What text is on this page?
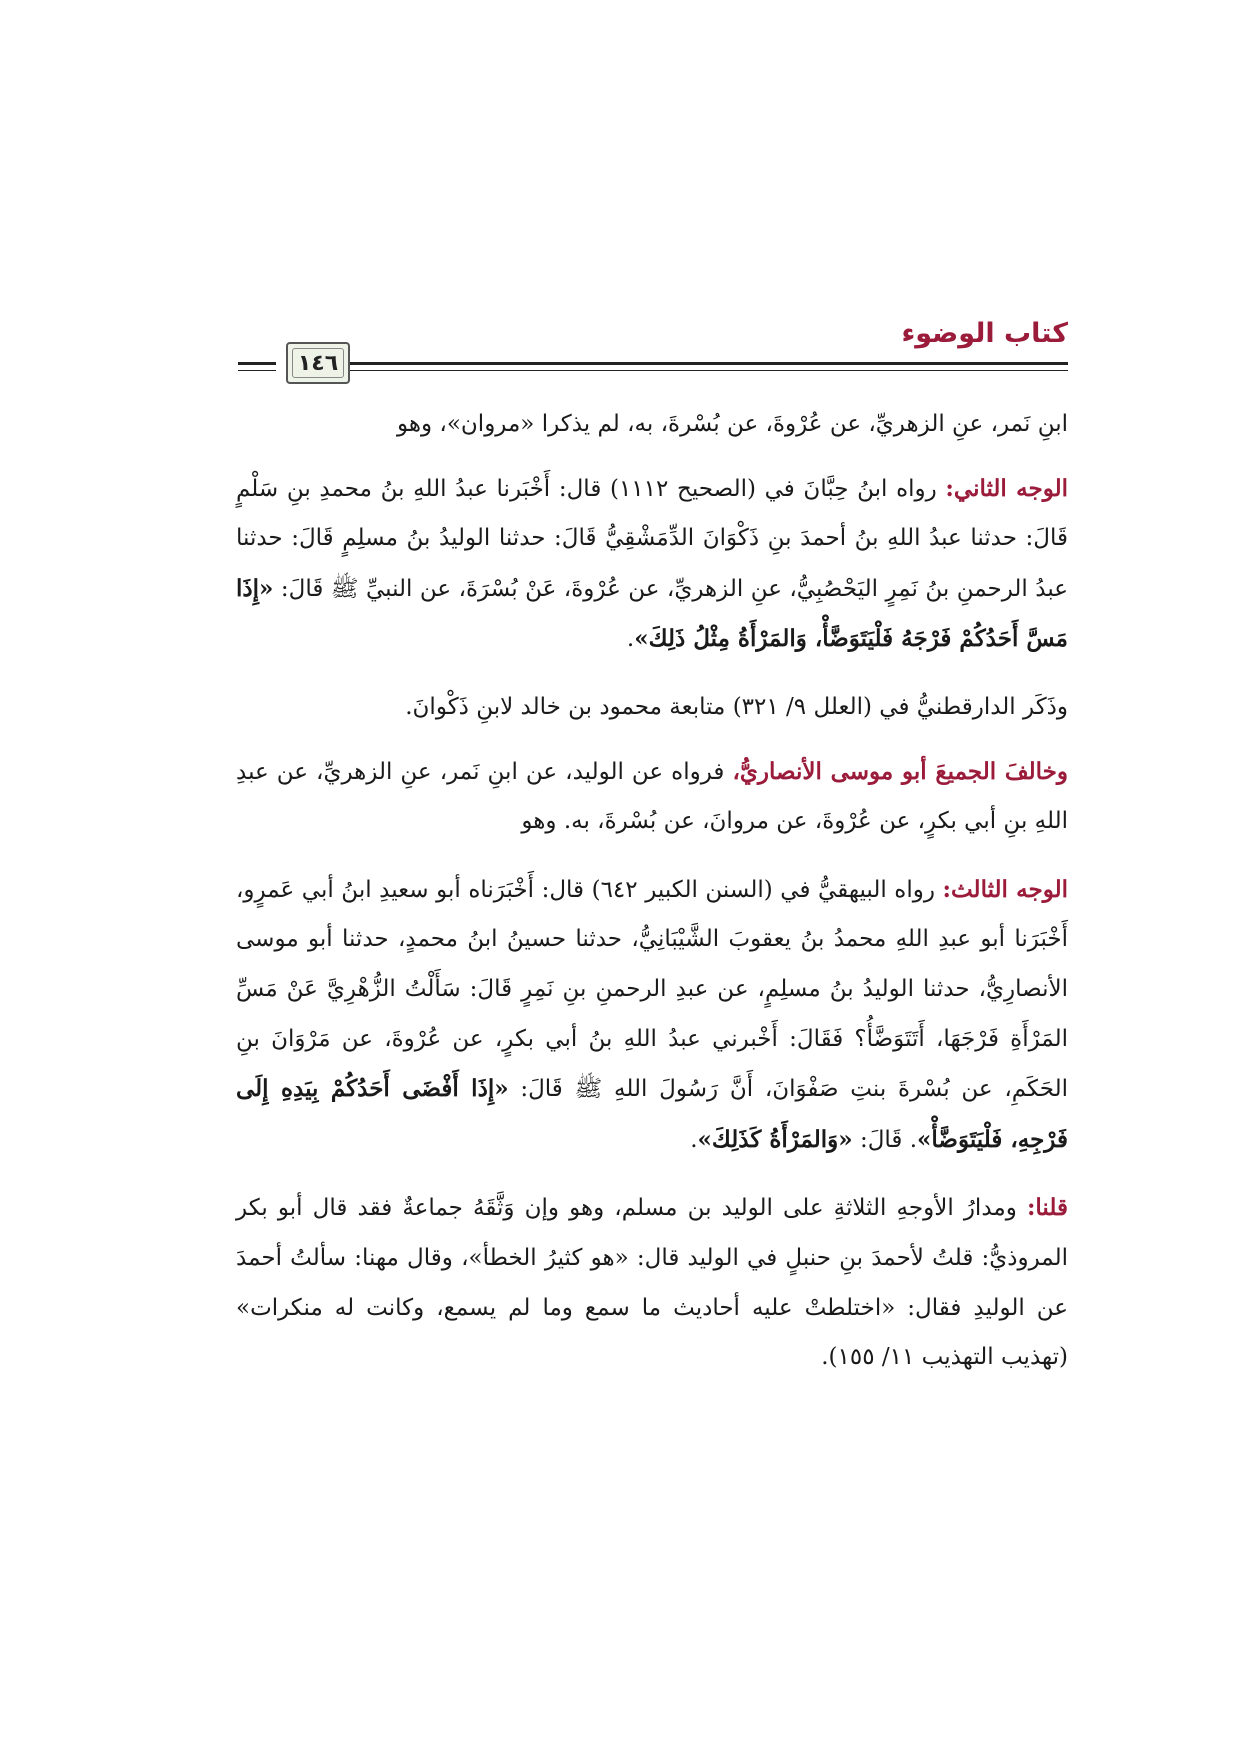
كتاب الوضوء
١٤٦

ابنِ نَمر، عنِ الزهريِّ، عن عُرْوةَ، عن بُسْرةَ، به، لم يذكرا «مروان»، وهو

الوجه الثاني: رواه ابنُ حِبَّانَ في (الصحيح ١١١٢) قال: أَخْبَرنا عبدُ اللهِ بنُ محمدِ بنِ سَلْمٍ قَالَ: حدثنا عبدُ اللهِ بنُ أحمدَ بنِ ذَكْوَانَ الدِّمَشْقِيُّ قَالَ: حدثنا الوليدُ بنُ مسلِمٍ قَالَ: حدثنا عبدُ الرحمنِ بنُ نَمِرٍ اليَحْصُبِيُّ، عنِ الزهريِّ، عن عُرْوةَ، عَنْ بُسْرَةَ، عن النبيِّ ﷺ قَالَ: «إِذَا مَسَّ أَحَدُكُمْ فَرْجَهُ فَلْيَتَوَضَّأْ، وَالمَرْأَةُ مِثْلُ ذَلِكَ».

وذَكَر الدارقطنيُّ في (العلل ٩/ ٣٢١) متابعة محمود بن خالد لابنِ ذَكْوانَ.

وخالفَ الجميعَ أبو موسى الأنصاريُّ، فرواه عن الوليد، عن ابنِ نَمر، عنِ الزهريِّ، عن عبدِ اللهِ بنِ أبي بكرٍ، عن عُرْوةَ، عن مروانَ، عن بُسْرةَ، به. وهو

الوجه الثالث: رواه البيهقيُّ في (السنن الكبير ٦٤٢) قال: أَخْبَرَناه أبو سعيدِ ابنُ أبي عَمرٍو، أَخْبَرَنا أبو عبدِ اللهِ محمدُ بنُ يعقوبَ الشَّيْبَانِيُّ، حدثنا حسينُ ابنُ محمدٍ، حدثنا أبو موسى الأنصارِيُّ، حدثنا الوليدُ بنُ مسلِمٍ، عن عبدِ الرحمنِ بنِ نَمِرٍ قَالَ: سَأَلْتُ الزُّهْرِيَّ عَنْ مَسِّ المَرْأَةِ فَرْجَهَا، أَتَتَوَضَّأُ؟ فَقَالَ: أَخْبرني عبدُ اللهِ بنُ أبي بكرٍ، عن عُرْوةَ، عن مَرْوَانَ بنِ الحَكَمِ، عن بُسْرةَ بنتِ صَفْوَانَ، أَنَّ رَسُولَ اللهِ ﷺ قَالَ: «إِذَا أَفْضَى أَحَدُكُمْ بِيَدِهِ إِلَى فَرْجِهِ، فَلْيَتَوَضَّأْ». قَالَ: «وَالمَرْأَةُ كَذَلِكَ».

قلنا: ومدارُ الأوجهِ الثلاثةِ على الوليد بن مسلم، وهو وإن وَثَّقَهُ جماعةٌ فقد قال أبو بكر المروذيُّ: قلتُ لأحمدَ بنِ حنبلٍ في الوليد قال: «هو كثيرُ الخطأ»، وقال مهنا: سألتُ أحمدَ عن الوليدِ فقال: «اختلطتْ عليه أحاديث ما سمع وما لم يسمع، وكانت له منكرات» (تهذيب التهذيب ١١/ ١٥٥).
